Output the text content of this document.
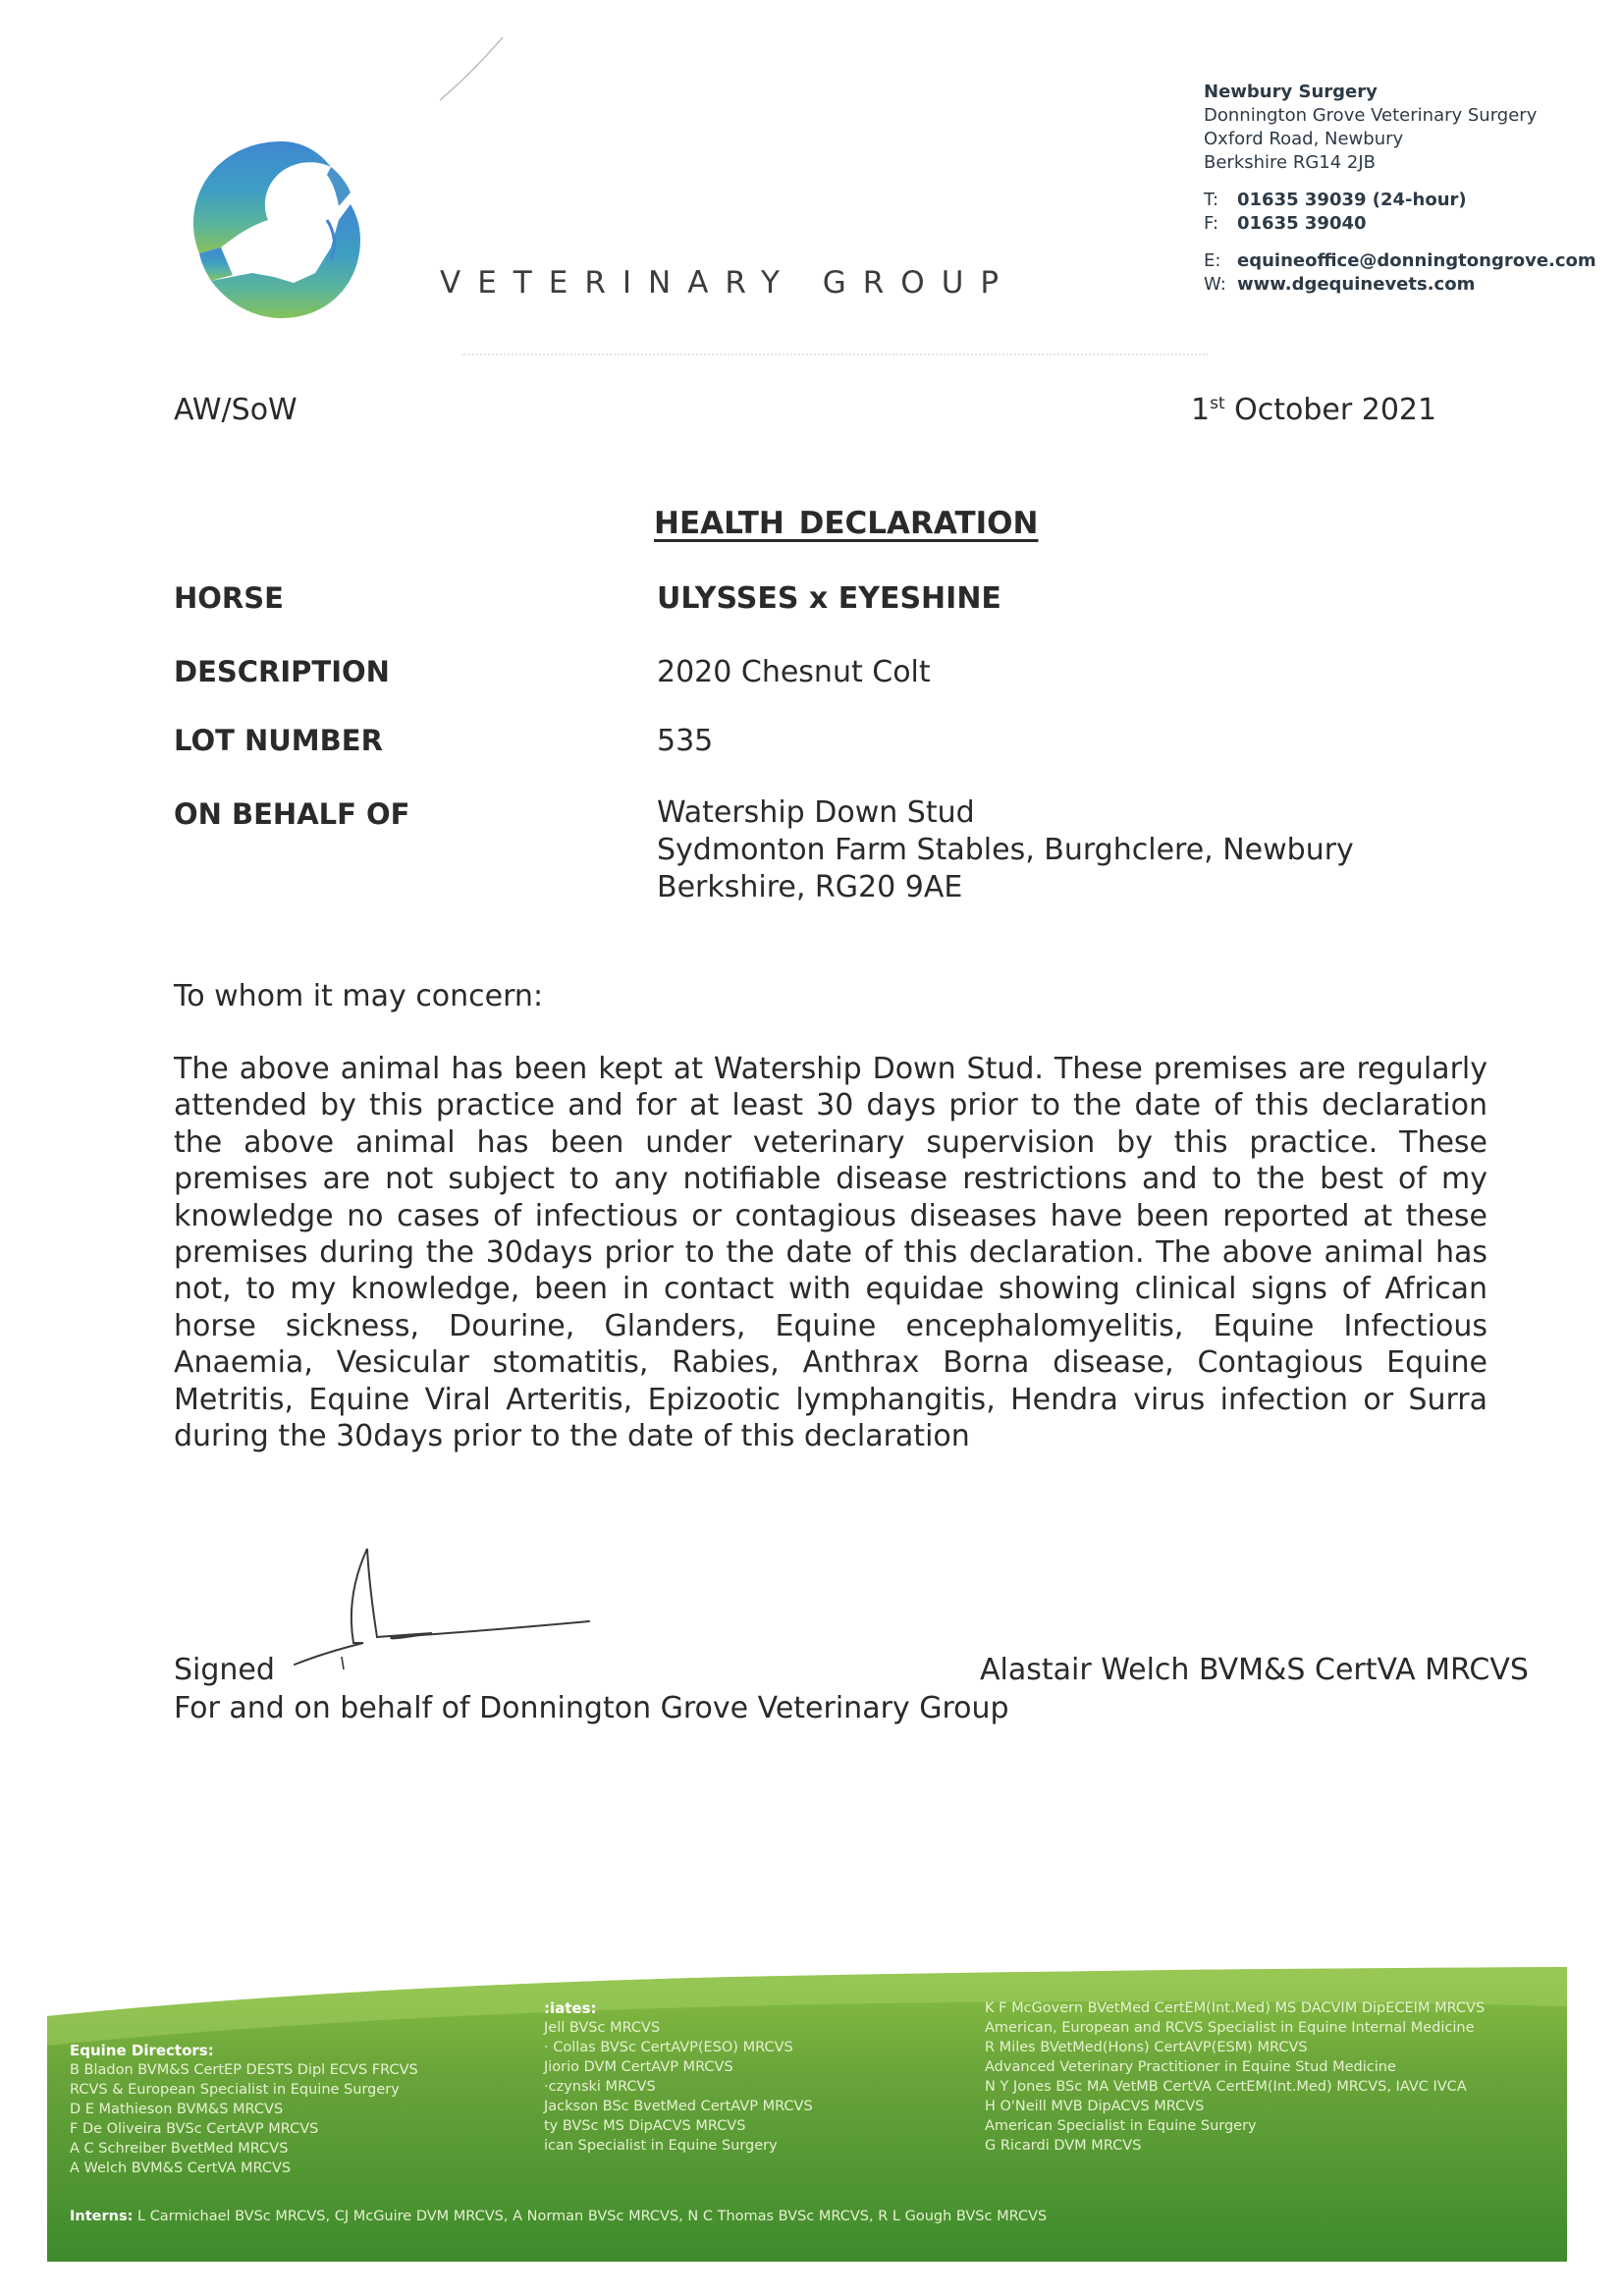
VETERINARY GROUP
Newbury Surgery
Donnington Grove Veterinary Surgery
Oxford Road, Newbury
Berkshire RG14 2JB
T: 01635 39039 (24-hour)
F: 01635 39040
E: equineoffice@donningtongrove.com
W: www.dgequinevets.com
AW/SoW	1st October 2021
HEALTH DECLARATION
HORSE	ULYSSES x EYESHINE
DESCRIPTION	2020 Chesnut Colt
LOT NUMBER	535
ON BEHALF OF	Watership Down Stud
Sydmonton Farm Stables, Burghclere, Newbury
Berkshire, RG20 9AE
To whom it may concern:

The above animal has been kept at Watership Down Stud. These premises are regularly attended by this practice and for at least 30 days prior to the date of this declaration the above animal has been under veterinary supervision by this practice. These premises are not subject to any notifiable disease restrictions and to the best of my knowledge no cases of infectious or contagious diseases have been reported at these premises during the 30days prior to the date of this declaration. The above animal has not, to my knowledge, been in contact with equidae showing clinical signs of African horse sickness, Dourine, Glanders, Equine encephalomyelitis, Equine Infectious Anaemia, Vesicular stomatitis, Rabies, Anthrax Borna disease, Contagious Equine Metritis, Equine Viral Arteritis, Epizootic lymphangitis, Hendra virus infection or Surra during the 30days prior to the date of this declaration

Signed	Alastair Welch BVM&S CertVA MRCVS
For and on behalf of Donnington Grove Veterinary Group
Equine Directors:
B Bladon BVM&S CertEP DESTS Dipl ECVS FRCVS
RCVS & European Specialist in Equine Surgery
D E Mathieson BVM&S MRCVS
F De Oliveira BVSc CertAVP MRCVS
A C Schreiber BvetMed MRCVS
A Welch BVM&S CertVA MRCVS
:iates:
Jell BVSc MRCVS
· Collas BVSc CertAVP(ESO) MRCVS
Jiorio DVM CertAVP MRCVS
·czynski MRCVS
Jackson BSc BvetMed CertAVP MRCVS
ty BVSc MS DipACVS MRCVS
ican Specialist in Equine Surgery
K F McGovern BVetMed CertEM(Int.Med) MS DACVIM DipECEIM MRCVS
American, European and RCVS Specialist in Equine Internal Medicine
R Miles BVetMed(Hons) CertAVP(ESM) MRCVS
Advanced Veterinary Practitioner in Equine Stud Medicine
N Y Jones BSc MA VetMB CertVA CertEM(Int.Med) MRCVS, IAVC IVCA
H O'Neill MVB DipACVS MRCVS
American Specialist in Equine Surgery
G Ricardi DVM MRCVS
Interns: L Carmichael BVSc MRCVS, CJ McGuire DVM MRCVS, A Norman BVSc MRCVS, N C Thomas BVSc MRCVS, R L Gough BVSc MRCVS
